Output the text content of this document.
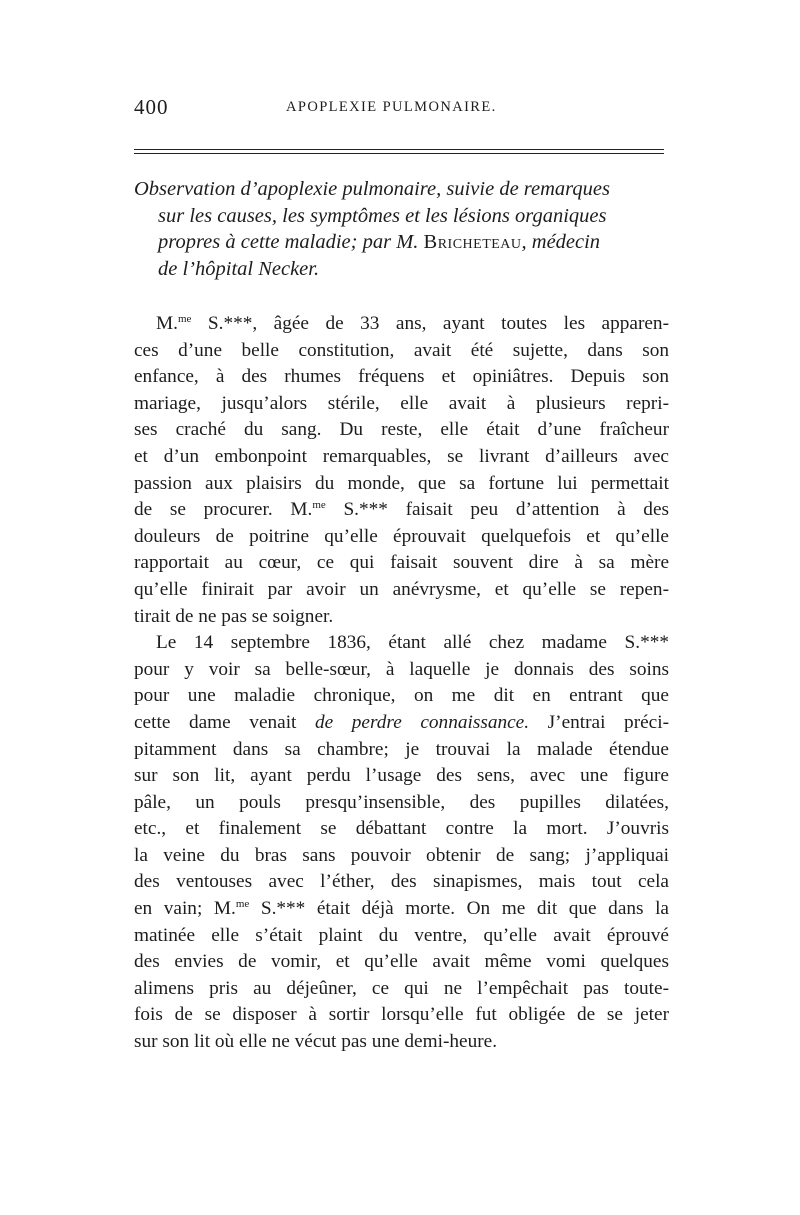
400	APOPLEXIE PULMONAIRE.
Observation d’apoplexie pulmonaire, suivie de remarques
sur les causes, les symptômes et les lésions organiques
propres à cette maladie; par M. Bricheteau, médecin
de l’hôpital Necker.
M.$^{me}$ S.***, âgée de 33 ans, ayant toutes les apparen-
ces d’une belle constitution, avait été sujette, dans son
enfance, à des rhumes fréquens et opiniâtres. Depuis son
mariage, jusqu’alors stérile, elle avait à plusieurs repri-
ses craché du sang. Du reste, elle était d’une fraîcheur
et d’un embonpoint remarquables, se livrant d’ailleurs avec
passion aux plaisirs du monde, que sa fortune lui permettait
de se procurer. M.$^{me}$ S.*** faisait peu d’attention à des
douleurs de poitrine qu’elle éprouvait quelquefois et qu’elle
rapportait au cœur, ce qui faisait souvent dire à sa mère
qu’elle finirait par avoir un anévrysme, et qu’elle se repen-
tirait de ne pas se soigner.
Le 14 septembre 1836, étant allé chez madame S.***
pour y voir sa belle-sœur, à laquelle je donnais des soins
pour une maladie chronique, on me dit en entrant que
cette dame venait de perdre connaissance. J’entrai préci-
pitamment dans sa chambre; je trouvai la malade étendue
sur son lit, ayant perdu l’usage des sens, avec une figure
pâle, un pouls presqu’insensible, des pupilles dilatées,
etc., et finalement se débattant contre la mort. J’ouvris
la veine du bras sans pouvoir obtenir de sang; j’appliquai
des ventouses avec l’éther, des sinapismes, mais tout cela
en vain; M.$^{me}$ S.*** était déjà morte. On me dit que dans la
matinée elle s’était plaint du ventre, qu’elle avait éprouvé
des envies de vomir, et qu’elle avait même vomi quelques
alimens pris au déjeûner, ce qui ne l’empêchait pas toute-
fois de se disposer à sortir lorsqu’elle fut obligée de se jeter
sur son lit où elle ne vécut pas une demi-heure.
